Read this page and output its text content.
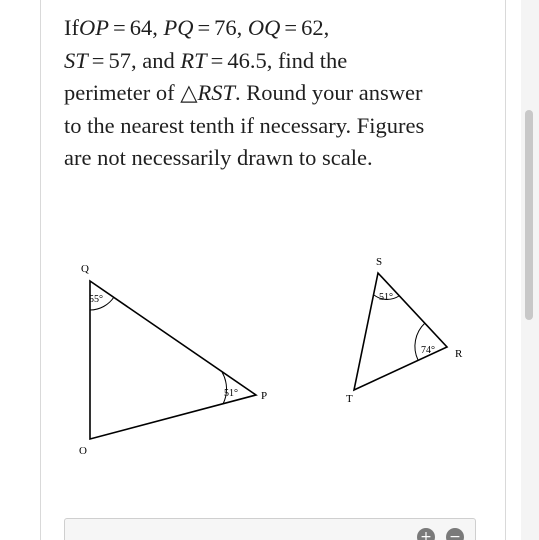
IfOP = 64, PQ = 76, OQ = 62,
ST = 57, and RT = 46.5, find the
perimeter of △RST. Round your answer
to the nearest tenth if necessary. Figures
are not necessarily drawn to scale.
Q
P
O
55°
51°
S
R
T
51°
74°
+ −
